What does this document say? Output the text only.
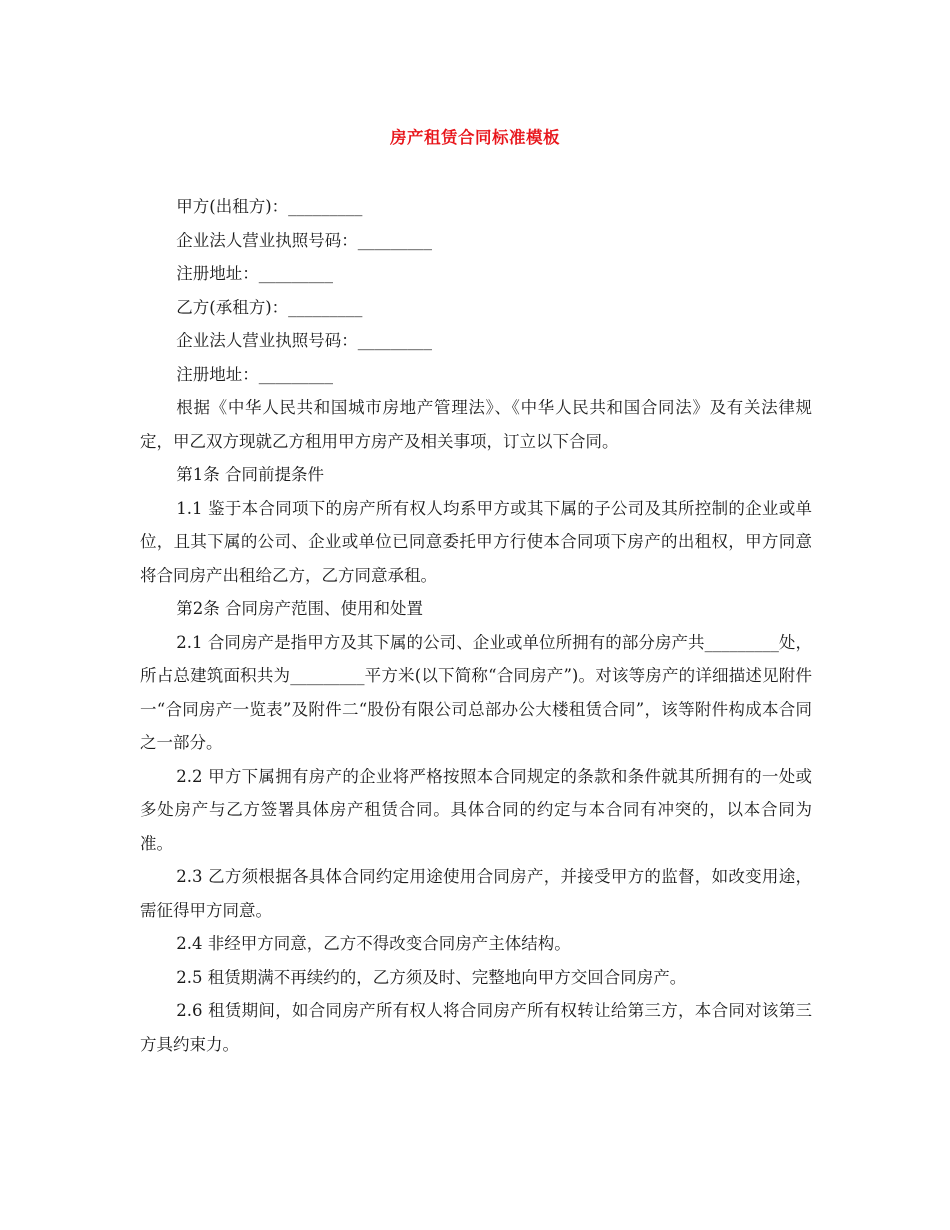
房产租赁合同标准模板

甲方(出租方)：_________

企业法人营业执照号码：_________

注册地址：_________

乙方(承租方)：_________

企业法人营业执照号码：_________

注册地址：_________

根据《中华人民共和国城市房地产管理法》、《中华人民共和国合同法》及有关法律规定，甲乙双方现就乙方租用甲方房产及相关事项，订立以下合同。

第1条 合同前提条件

1.1 鉴于本合同项下的房产所有权人均系甲方或其下属的子公司及其所控制的企业或单位，且其下属的公司、企业或单位已同意委托甲方行使本合同项下房产的出租权，甲方同意将合同房产出租给乙方，乙方同意承租。

第2条 合同房产范围、使用和处置

2.1 合同房产是指甲方及其下属的公司、企业或单位所拥有的部分房产共_________处，所占总建筑面积共为_________平方米(以下简称“合同房产”)。对该等房产的详细描述见附件一“合同房产一览表”及附件二“股份有限公司总部办公大楼租赁合同”，该等附件构成本合同之一部分。

2.2 甲方下属拥有房产的企业将严格按照本合同规定的条款和条件就其所拥有的一处或多处房产与乙方签署具体房产租赁合同。具体合同的约定与本合同有冲突的，以本合同为准。

2.3 乙方须根据各具体合同约定用途使用合同房产，并接受甲方的监督，如改变用途，需征得甲方同意。

2.4 非经甲方同意，乙方不得改变合同房产主体结构。

2.5 租赁期满不再续约的，乙方须及时、完整地向甲方交回合同房产。

2.6 租赁期间，如合同房产所有权人将合同房产所有权转让给第三方，本合同对该第三方具约束力。
